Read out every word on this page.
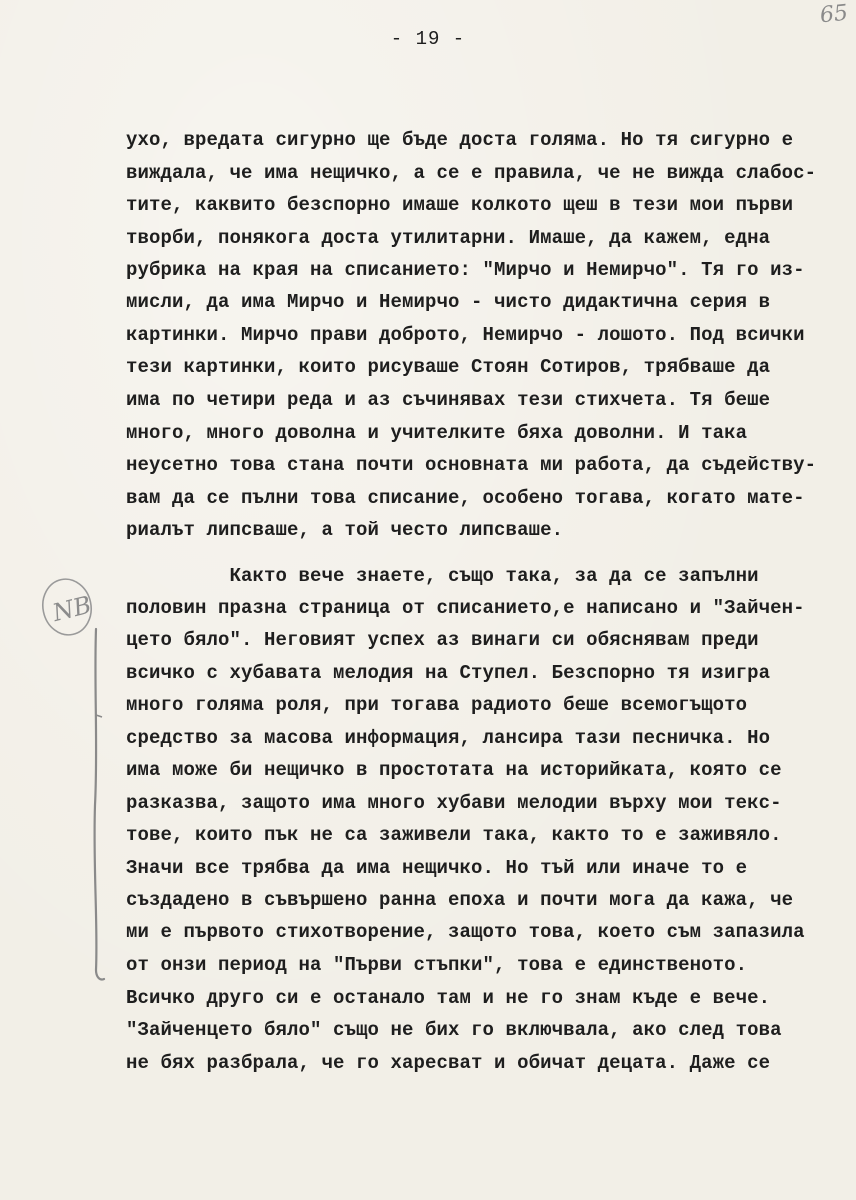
- 19 -
65
NB
ухо, вредата сигурно ще бъде доста голяма. Но тя сигурно е
виждала, че има нещичко, а се е правила, че не вижда слабос-
тите, каквито безспорно имаше колкото щеш в тези мои първи
творби, понякога доста утилитарни. Имаше, да кажем, една
рубрика на края на списанието: "Мирчо и Немирчо". Тя го из-
мисли, да има Мирчо и Немирчо - чисто дидактична серия в
картинки. Мирчо прави доброто, Немирчо - лошото. Под всички
тези картинки, които рисуваше Стоян Сотиров, трябваше да
има по четири реда и аз съчинявах тези стихчета. Тя беше
много, много доволна и учителките бяха доволни. И така
неусетно това стана почти основната ми работа, да съдейству-
вам да се пълни това списание, особено тогава, когато мате-
риалът липсваше, а той често липсваше.
Както вече знаете, също така, за да се запълни
половин празна страница от списанието,е написано и "Зайчен-
цето бяло". Неговият успех аз винаги си обяснявам преди
всичко с хубавата мелодия на Ступел. Безспорно тя изигра
много голяма роля, при тогава радиото беше всемогъщото
средство за масова информация, лансира тази песничка. Но
има може би нещичко в простотата на историйката, която се
разказва, защото има много хубави мелодии върху мои текс-
тове, които пък не са заживели така, както то е заживяло.
Значи все трябва да има нещичко. Но тъй или иначе то е
създадено в съвършено ранна епоха и почти мога да кажа, че
ми е първото стихотворение, защото това, което съм запазила
от онзи период на "Първи стъпки", това е единственото.
Всичко друго си е останало там и не го знам къде е вече.
"Зайченцето бяло" също не бих го включвала, ако след това
не бях разбрала, че го харесват и обичат децата. Даже се
